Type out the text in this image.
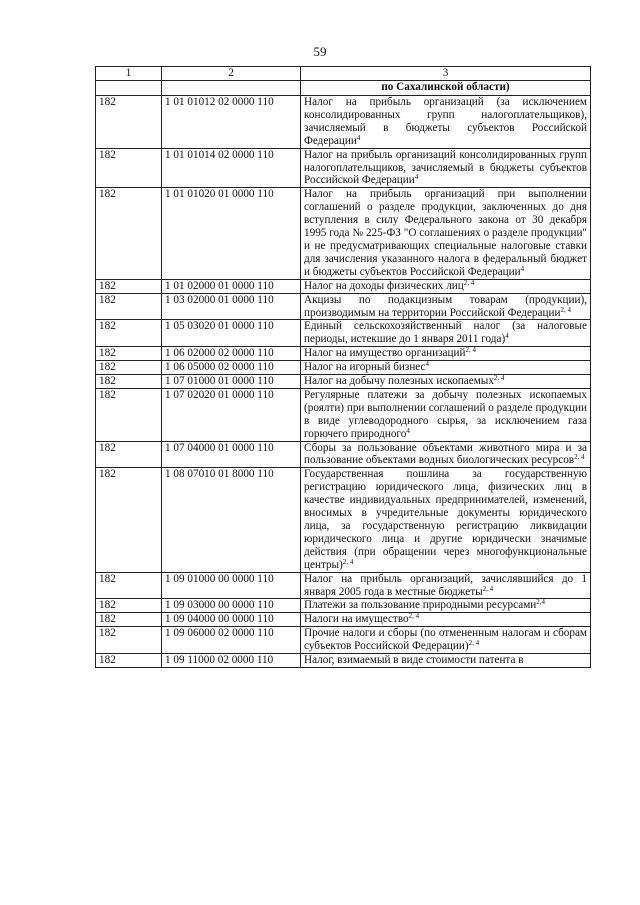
59
1	2	3
		по Сахалинской области)
182	1 01 01012 02 0000 110	Налог на прибыль организаций (за исключением консолидированных групп налогоплательщиков), зачисляемый в бюджеты субъектов Российской Федерации$^4$
182	1 01 01014 02 0000 110	Налог на прибыль организаций консолидированных групп налогоплательщиков, зачисляемый в бюджеты субъектов Российской Федерации$^4$
182	1 01 01020 01 0000 110	Налог на прибыль организаций при выполнении соглашений о разделе продукции, заключенных до дня вступления в силу Федерального закона от 30 декабря 1995 года № 225-ФЗ "О соглашениях о разделе продукции" и не предусматривающих специальные налоговые ставки для зачисления указанного налога в федеральный бюджет и бюджеты субъектов Российской Федерации$^4$
182	1 01 02000 01 0000 110	Налог на доходы физических лиц$^{2, 4}$
182	1 03 02000 01 0000 110	Акцизы по подакцизным товарам (продукции), производимым на территории Российской Федерации$^{2, 4}$
182	1 05 03020 01 0000 110	Единый сельскохозяйственный налог (за налоговые периоды, истекшие до 1 января 2011 года)$^4$
182	1 06 02000 02 0000 110	Налог на имущество организаций$^{2, 4}$
182	1 06 05000 02 0000 110	Налог на игорный бизнес$^4$
182	1 07 01000 01 0000 110	Налог на добычу полезных ископаемых$^{2, 4}$
182	1 07 02020 01 0000 110	Регулярные платежи за добычу полезных ископаемых (роялти) при выполнении соглашений о разделе продукции в виде углеводородного сырья, за исключением газа горючего природного$^4$
182	1 07 04000 01 0000 110	Сборы за пользование объектами животного мира и за пользование объектами водных биологических ресурсов$^{2, 4}$
182	1 08 07010 01 8000 110	Государственная пошлина за государственную регистрацию юридического лица, физических лиц в качестве индивидуальных предпринимателей, изменений, вносимых в учредительные документы юридического лица, за государственную регистрацию ликвидации юридического лица и другие юридически значимые действия (при обращении через многофункциональные центры)$^{2, 4}$
182	1 09 01000 00 0000 110	Налог на прибыль организаций, зачислявшийся до 1 января 2005 года в местные бюджеты$^{2, 4}$
182	1 09 03000 00 0000 110	Платежи за пользование природными ресурсами$^{2,4}$
182	1 09 04000 00 0000 110	Налоги на имущество$^{2, 4}$
182	1 09 06000 02 0000 110	Прочие налоги и сборы (по отмененным налогам и сборам субъектов Российской Федерации)$^{2, 4}$
182	1 09 11000 02 0000 110	Налог, взимаемый в виде стоимости патента в
